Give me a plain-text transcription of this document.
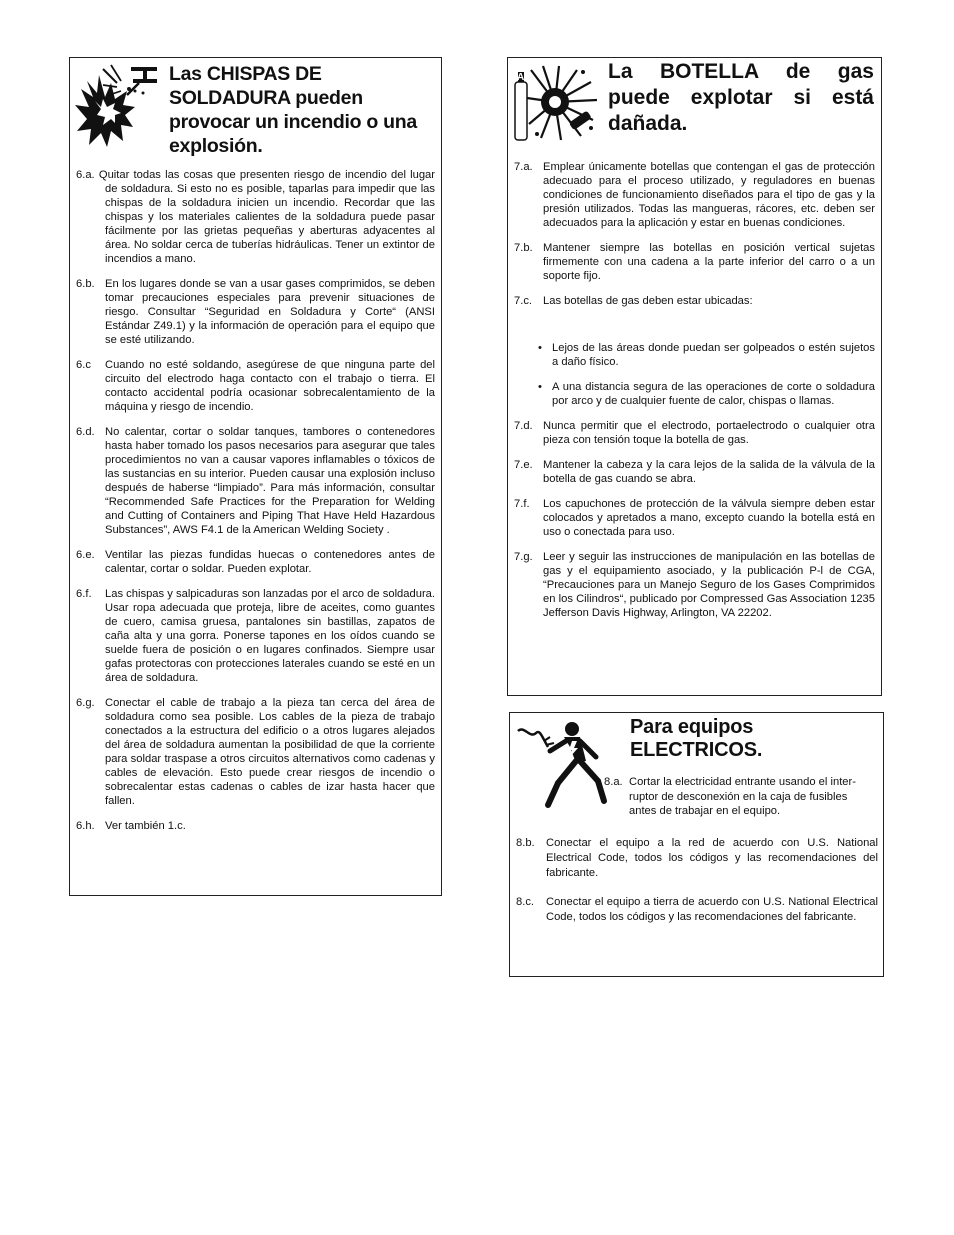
Las CHISPAS DE SOLDADURA pueden provocar un incendio o una explosión.
6.a. Quitar todas las cosas que presenten riesgo de incendio del lugar de soldadura. Si esto no es posible, taparlas para impedir que las chispas de la soldadura inicien un incendio. Recordar que las chispas y los materiales calientes de la soldadura puede pasar fácilmente por las grietas pequeñas y aberturas adyacentes al área. No soldar cerca de tuberías hidráulicas. Tener un extintor de incendios a mano.
6.b. En los lugares donde se van a usar gases comprimidos, se deben tomar precauciones especiales para prevenir situaciones de riesgo. Consultar “Seguridad en Soldadura y Corte“ (ANSI Estándar Z49.1) y la información de operación para el equipo que se esté utilizando.
6.c Cuando no esté soldando, asegúrese de que ninguna parte del circuito del electrodo haga contacto con el trabajo o tierra. El contacto accidental podría ocasionar sobrecalentamiento de la máquina y riesgo de incendio.
6.d. No calentar, cortar o soldar tanques, tambores o contenedores hasta haber tomado los pasos necesarios para asegurar que tales procedimientos no van a causar vapores inflamables o tóxicos de las sustancias en su interior. Pueden causar una explosión incluso después de haberse “limpiado”. Para más información, consultar “Recommended Safe Practices for the Preparation for Welding and Cutting of Containers and Piping That Have Held Hazardous Substances”, AWS F4.1 de la American Welding Society .
6.e. Ventilar las piezas fundidas huecas o contenedores antes de calentar, cortar o soldar. Pueden explotar.
6.f. Las chispas y salpicaduras son lanzadas por el arco de soldadura. Usar ropa adecuada que proteja, libre de aceites, como guantes de cuero, camisa gruesa, pantalones sin bastillas, zapatos de caña alta y una gorra. Ponerse tapones en los oídos cuando se suelde fuera de posición o en lugares confinados. Siempre usar gafas protectoras con protecciones laterales cuando se esté en un área de soldadura.
6.g. Conectar el cable de trabajo a la pieza tan cerca del área de soldadura como sea posible. Los cables de la pieza de trabajo conectados a la estructura del edificio o a otros lugares alejados del área de soldadura aumentan la posibilidad de que la corriente para soldar traspase a otros circuitos alternativos como cadenas y cables de elevación. Esto puede crear riesgos de incendio o sobrecalentar estas cadenas o cables de izar hasta hacer que fallen.
6.h. Ver también 1.c.
A	La BOTELLA de gas
puede explotar si está
dañada.
7.a. Emplear únicamente botellas que contengan el gas de protección adecuado para el proceso utilizado, y reguladores en buenas condiciones de funcionamiento diseñados para el tipo de gas y la presión utilizados. Todas las mangueras, rácores, etc. deben ser adecuados para la aplicación y estar en buenas condiciones.
7.b. Mantener siempre las botellas en posición vertical sujetas firmemente con una cadena a la parte inferior del carro o a un soporte fijo.
7.c. Las botellas de gas deben estar ubicadas:
• Lejos de las áreas donde puedan ser golpeados o estén sujetos a daño físico.
• A una distancia segura de las operaciones de corte o soldadura por arco y de cualquier fuente de calor, chispas o llamas.
7.d. Nunca permitir que el electrodo, portaelectrodo o cualquier otra pieza con tensión toque la botella de gas.
7.e. Mantener la cabeza y la cara lejos de la salida de la válvula de la botella de gas cuando se abra.
7.f. Los capuchones de protección de la válvula siempre deben estar colocados y apretados a mano, excepto cuando la botella está en uso o conectada para uso.
7.g. Leer y seguir las instrucciones de manipulación en las botellas de gas y el equipamiento asociado, y la publicación P-l de CGA, “Precauciones para un Manejo Seguro de los Gases Comprimidos en los Cilindros“, publicado por Compressed Gas Association 1235 Jefferson Davis Highway, Arlington, VA 22202.
Para equipos
ELECTRICOS.
8.a. Cortar la electricidad entrante usando el inter-ruptor de desconexión en la caja de fusibles antes de trabajar en el equipo.
8.b. Conectar el equipo a la red de acuerdo con U.S. National Electrical Code, todos los códigos y las recomendaciones del fabricante.
8.c. Conectar el equipo a tierra de acuerdo con U.S. National Electrical Code, todos los códigos y las recomendaciones del fabricante.
